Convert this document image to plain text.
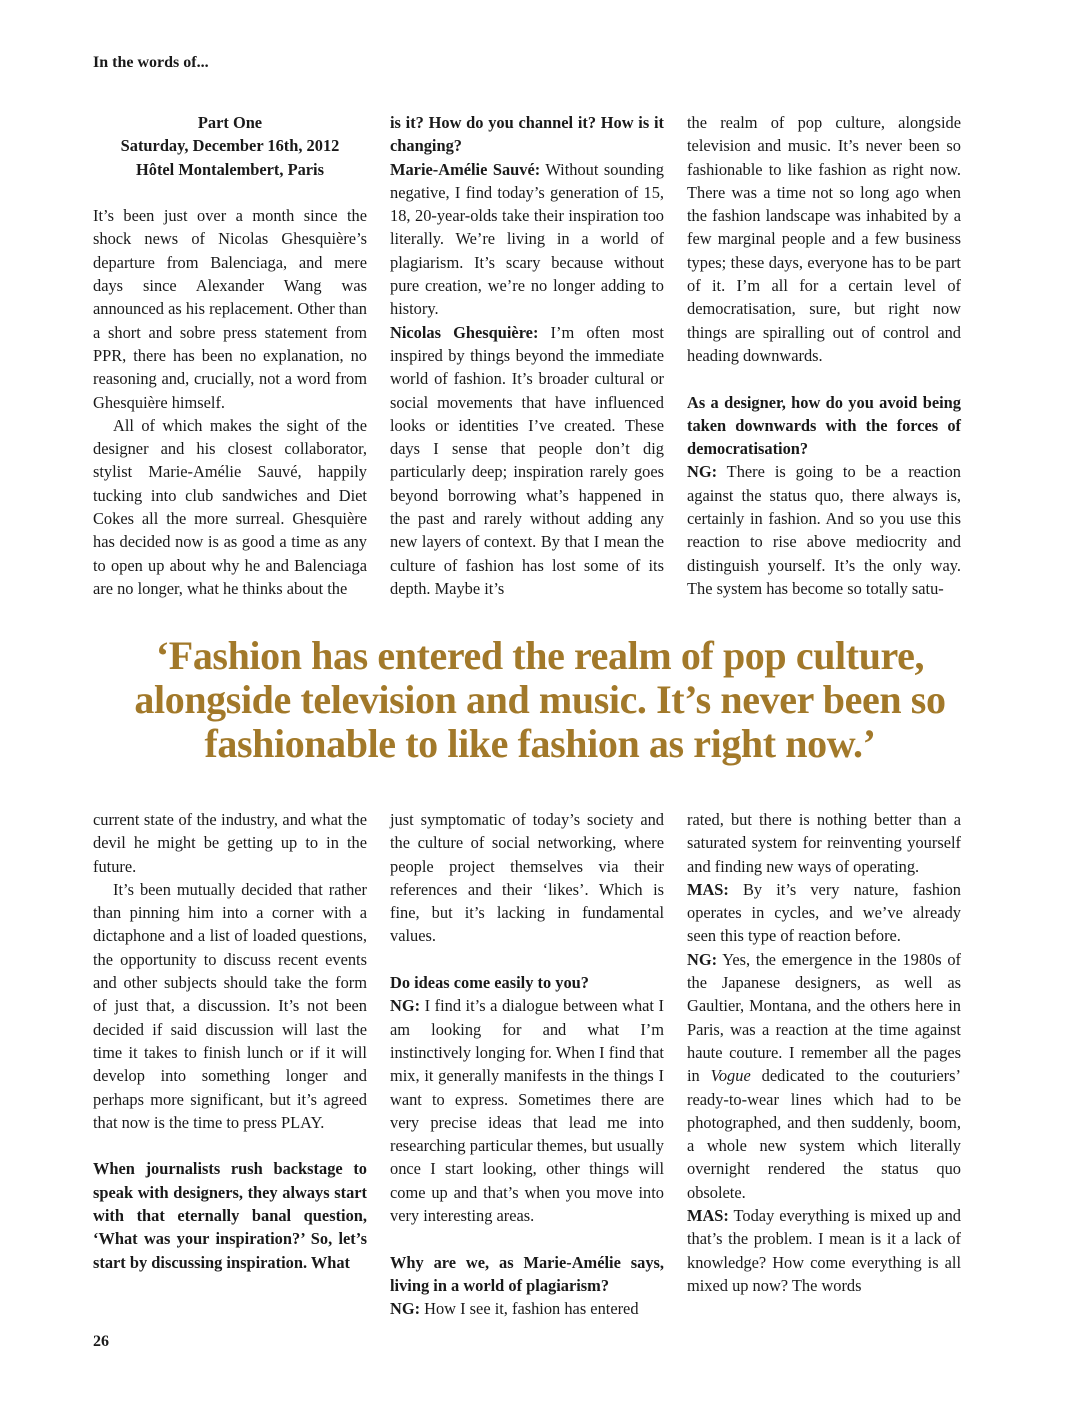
In the words of...
Part One
Saturday, December 16th, 2012
Hôtel Montalembert, Paris

It’s been just over a month since the shock news of Nicolas Ghesquière’s departure from Balenciaga, and mere days since Alexander Wang was announced as his replacement. Other than a short and sobre press statement from PPR, there has been no explanation, no reasoning and, crucially, not a word from Ghesquière himself.

All of which makes the sight of the designer and his closest collaborator, stylist Marie-Amélie Sauvé, happily tucking into club sandwiches and Diet Cokes all the more surreal. Ghesquière has decided now is as good a time as any to open up about why he and Balenciaga are no longer, what he thinks about the

is it? How do you channel it? How is it changing?

Marie-Amélie Sauvé: Without sounding negative, I find today’s generation of 15, 18, 20-year-olds take their inspiration too literally. We’re living in a world of plagiarism. It’s scary because without pure creation, we’re no longer adding to history.

Nicolas Ghesquière: I’m often most inspired by things beyond the immediate world of fashion. It’s broader cultural or social movements that have influenced looks or identities I’ve created. These days I sense that people don’t dig particularly deep; inspiration rarely goes beyond borrowing what’s happened in the past and rarely without adding any new layers of context. By that I mean the culture of fashion has lost some of its depth. Maybe it’s

the realm of pop culture, alongside television and music. It’s never been so fashionable to like fashion as right now. There was a time not so long ago when the fashion landscape was inhabited by a few marginal people and a few business types; these days, everyone has to be part of it. I’m all for a certain level of democratisation, sure, but right now things are spiralling out of control and heading downwards.

As a designer, how do you avoid being taken downwards with the forces of democratisation?

NG: There is going to be a reaction against the status quo, there always is, certainly in fashion. And so you use this reaction to rise above mediocrity and distinguish yourself. It’s the only way. The system has become so totally satu-

‘Fashion has entered the realm of pop culture,
alongside television and music. It’s never been so
fashionable to like fashion as right now.’

current state of the industry, and what the devil he might be getting up to in the future.

It’s been mutually decided that rather than pinning him into a corner with a dictaphone and a list of loaded questions, the opportunity to discuss recent events and other subjects should take the form of just that, a discussion. It’s not been decided if said discussion will last the time it takes to finish lunch or if it will develop into something longer and perhaps more significant, but it’s agreed that now is the time to press PLAY.

When journalists rush backstage to speak with designers, they always start with that eternally banal question, ‘What was your inspiration?’ So, let’s start by discussing inspiration. What

just symptomatic of today’s society and the culture of social networking, where people project themselves via their references and their ‘likes’. Which is fine, but it’s lacking in fundamental values.

Do ideas come easily to you?

NG: I find it’s a dialogue between what I am looking for and what I’m instinctively longing for. When I find that mix, it generally manifests in the things I want to express. Sometimes there are very precise ideas that lead me into researching particular themes, but usually once I start looking, other things will come up and that’s when you move into very interesting areas.

Why are we, as Marie-Amélie says, living in a world of plagiarism?

NG: How I see it, fashion has entered

rated, but there is nothing better than a saturated system for reinventing yourself and finding new ways of operating.

MAS: By it’s very nature, fashion operates in cycles, and we’ve already seen this type of reaction before.

NG: Yes, the emergence in the 1980s of the Japanese designers, as well as Gaultier, Montana, and the others here in Paris, was a reaction at the time against haute couture. I remember all the pages in Vogue dedicated to the couturiers’ ready-to-wear lines which had to be photographed, and then suddenly, boom, a whole new system which literally overnight rendered the status quo obsolete.

MAS: Today everything is mixed up and that’s the problem. I mean is it a lack of knowledge? How come everything is all mixed up now? The words

26
